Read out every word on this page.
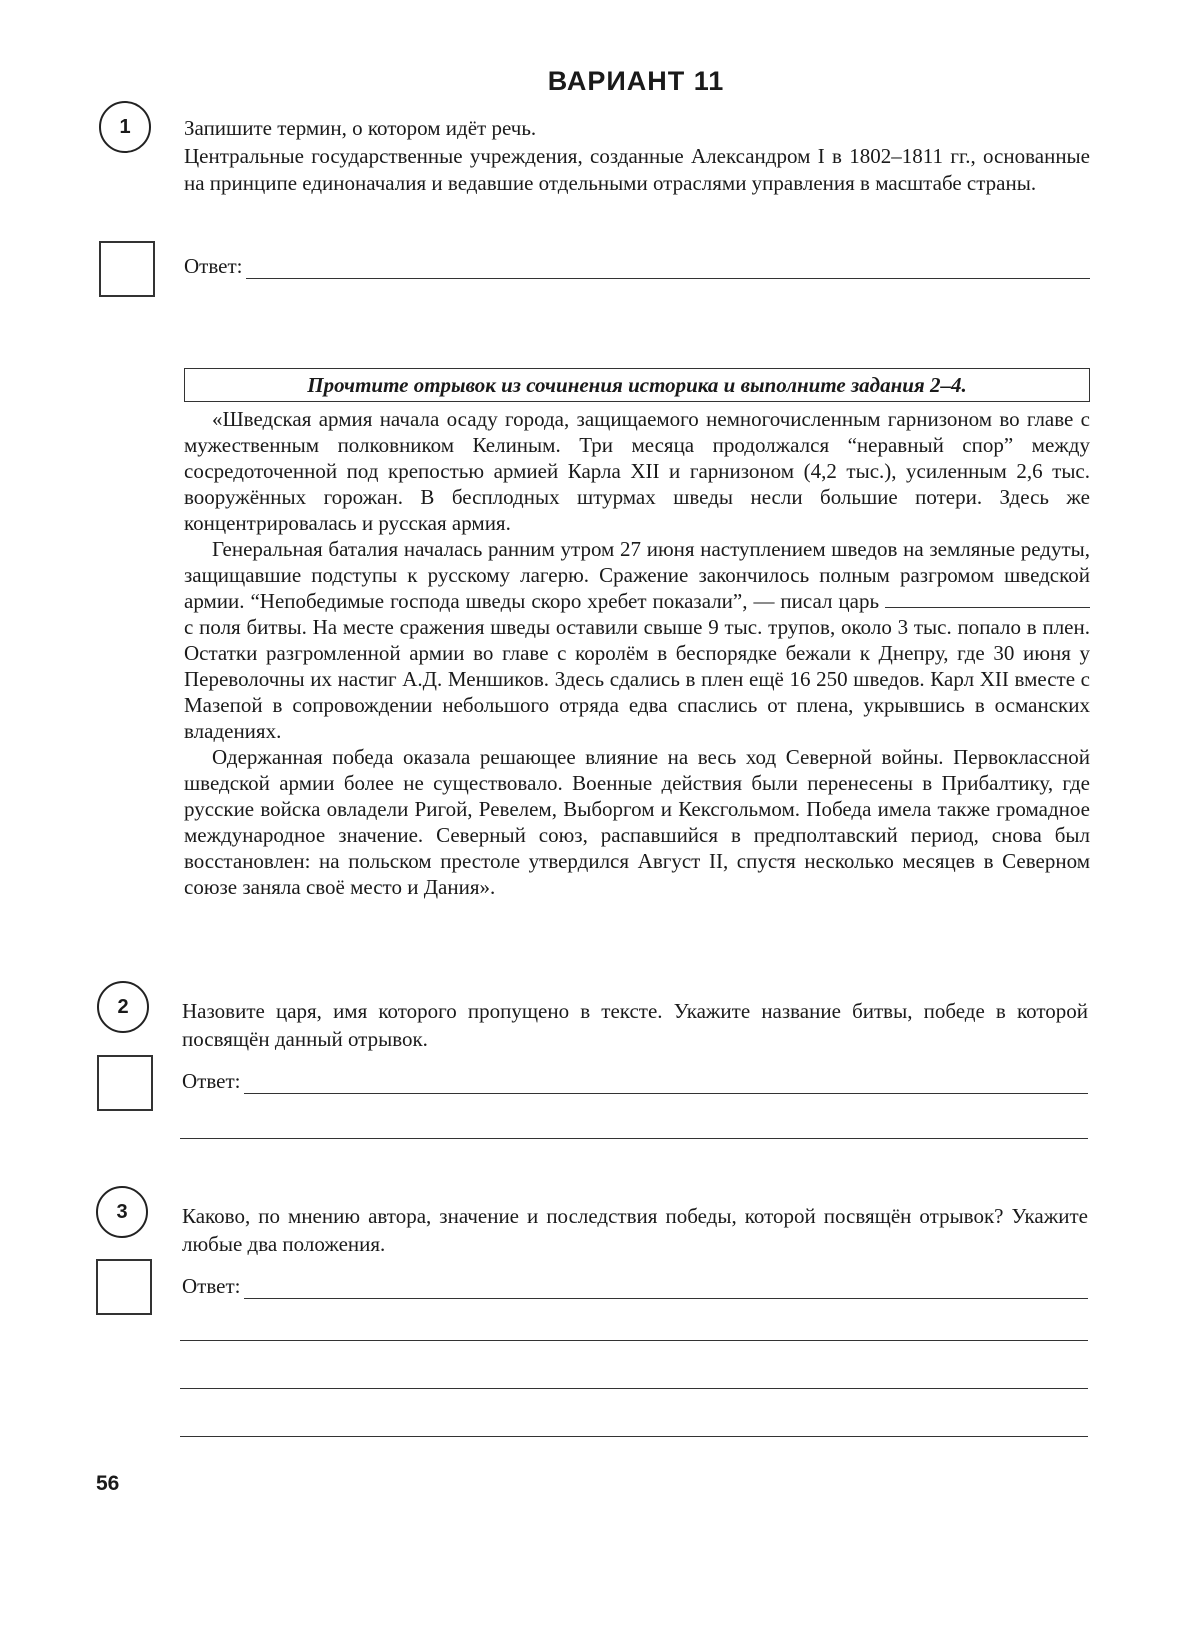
ВАРИАНТ 11
1	Запишите термин, о котором идёт речь.

Центральные государственные учреждения, созданные Александром I в 1802–1811 гг., основанные на принципе единоначалия и ведавшие отдельными отраслями управления в масштабе страны.

Ответ:
Прочтите отрывок из сочинения историка и выполните задания 2–4.

«Шведская армия начала осаду города, защищаемого немногочисленным гарнизоном во главе с мужественным полковником Келиным. Три месяца продолжался “неравный спор” между сосредоточенной под крепостью армией Карла XII и гарнизоном (4,2 тыс.), усиленным 2,6 тыс. вооружённых горожан. В бесплодных штурмах шведы несли большие потери. Здесь же концентрировалась и русская армия.

Генеральная баталия началась ранним утром 27 июня наступлением шведов на земляные редуты, защищавшие подступы к русскому лагерю. Сражение закончилось полным разгромом шведской армии. “Непобедимые господа шведы скоро хребет показали”, — писал царь  с поля битвы. На месте сражения шведы оставили свыше 9 тыс. трупов, около 3 тыс. попало в плен. Остатки разгромленной армии во главе с королём в беспорядке бежали к Днепру, где 30 июня у Переволочны их настиг А.Д. Меншиков. Здесь сдались в плен ещё 16 250 шведов. Карл XII вместе с Мазепой в сопровождении небольшого отряда едва спаслись от плена, укрывшись в османских владениях.

Одержанная победа оказала решающее влияние на весь ход Северной войны. Первоклассной шведской армии более не существовало. Военные действия были перенесены в Прибалтику, где русские войска овладели Ригой, Ревелем, Выборгом и Кексгольмом. Победа имела также громадное международное значение. Северный союз, распавшийся в предполтавский период, снова был восстановлен: на польском престоле утвердился Август II, спустя несколько месяцев в Северном союзе заняла своё место и Дания».

2	Назовите царя, имя которого пропущено в тексте. Укажите название битвы, победе в которой посвящён данный отрывок.
Ответ:
3	Каково, по мнению автора, значение и последствия победы, которой посвящён отрывок? Укажите любые два положения.
Ответ:
56
